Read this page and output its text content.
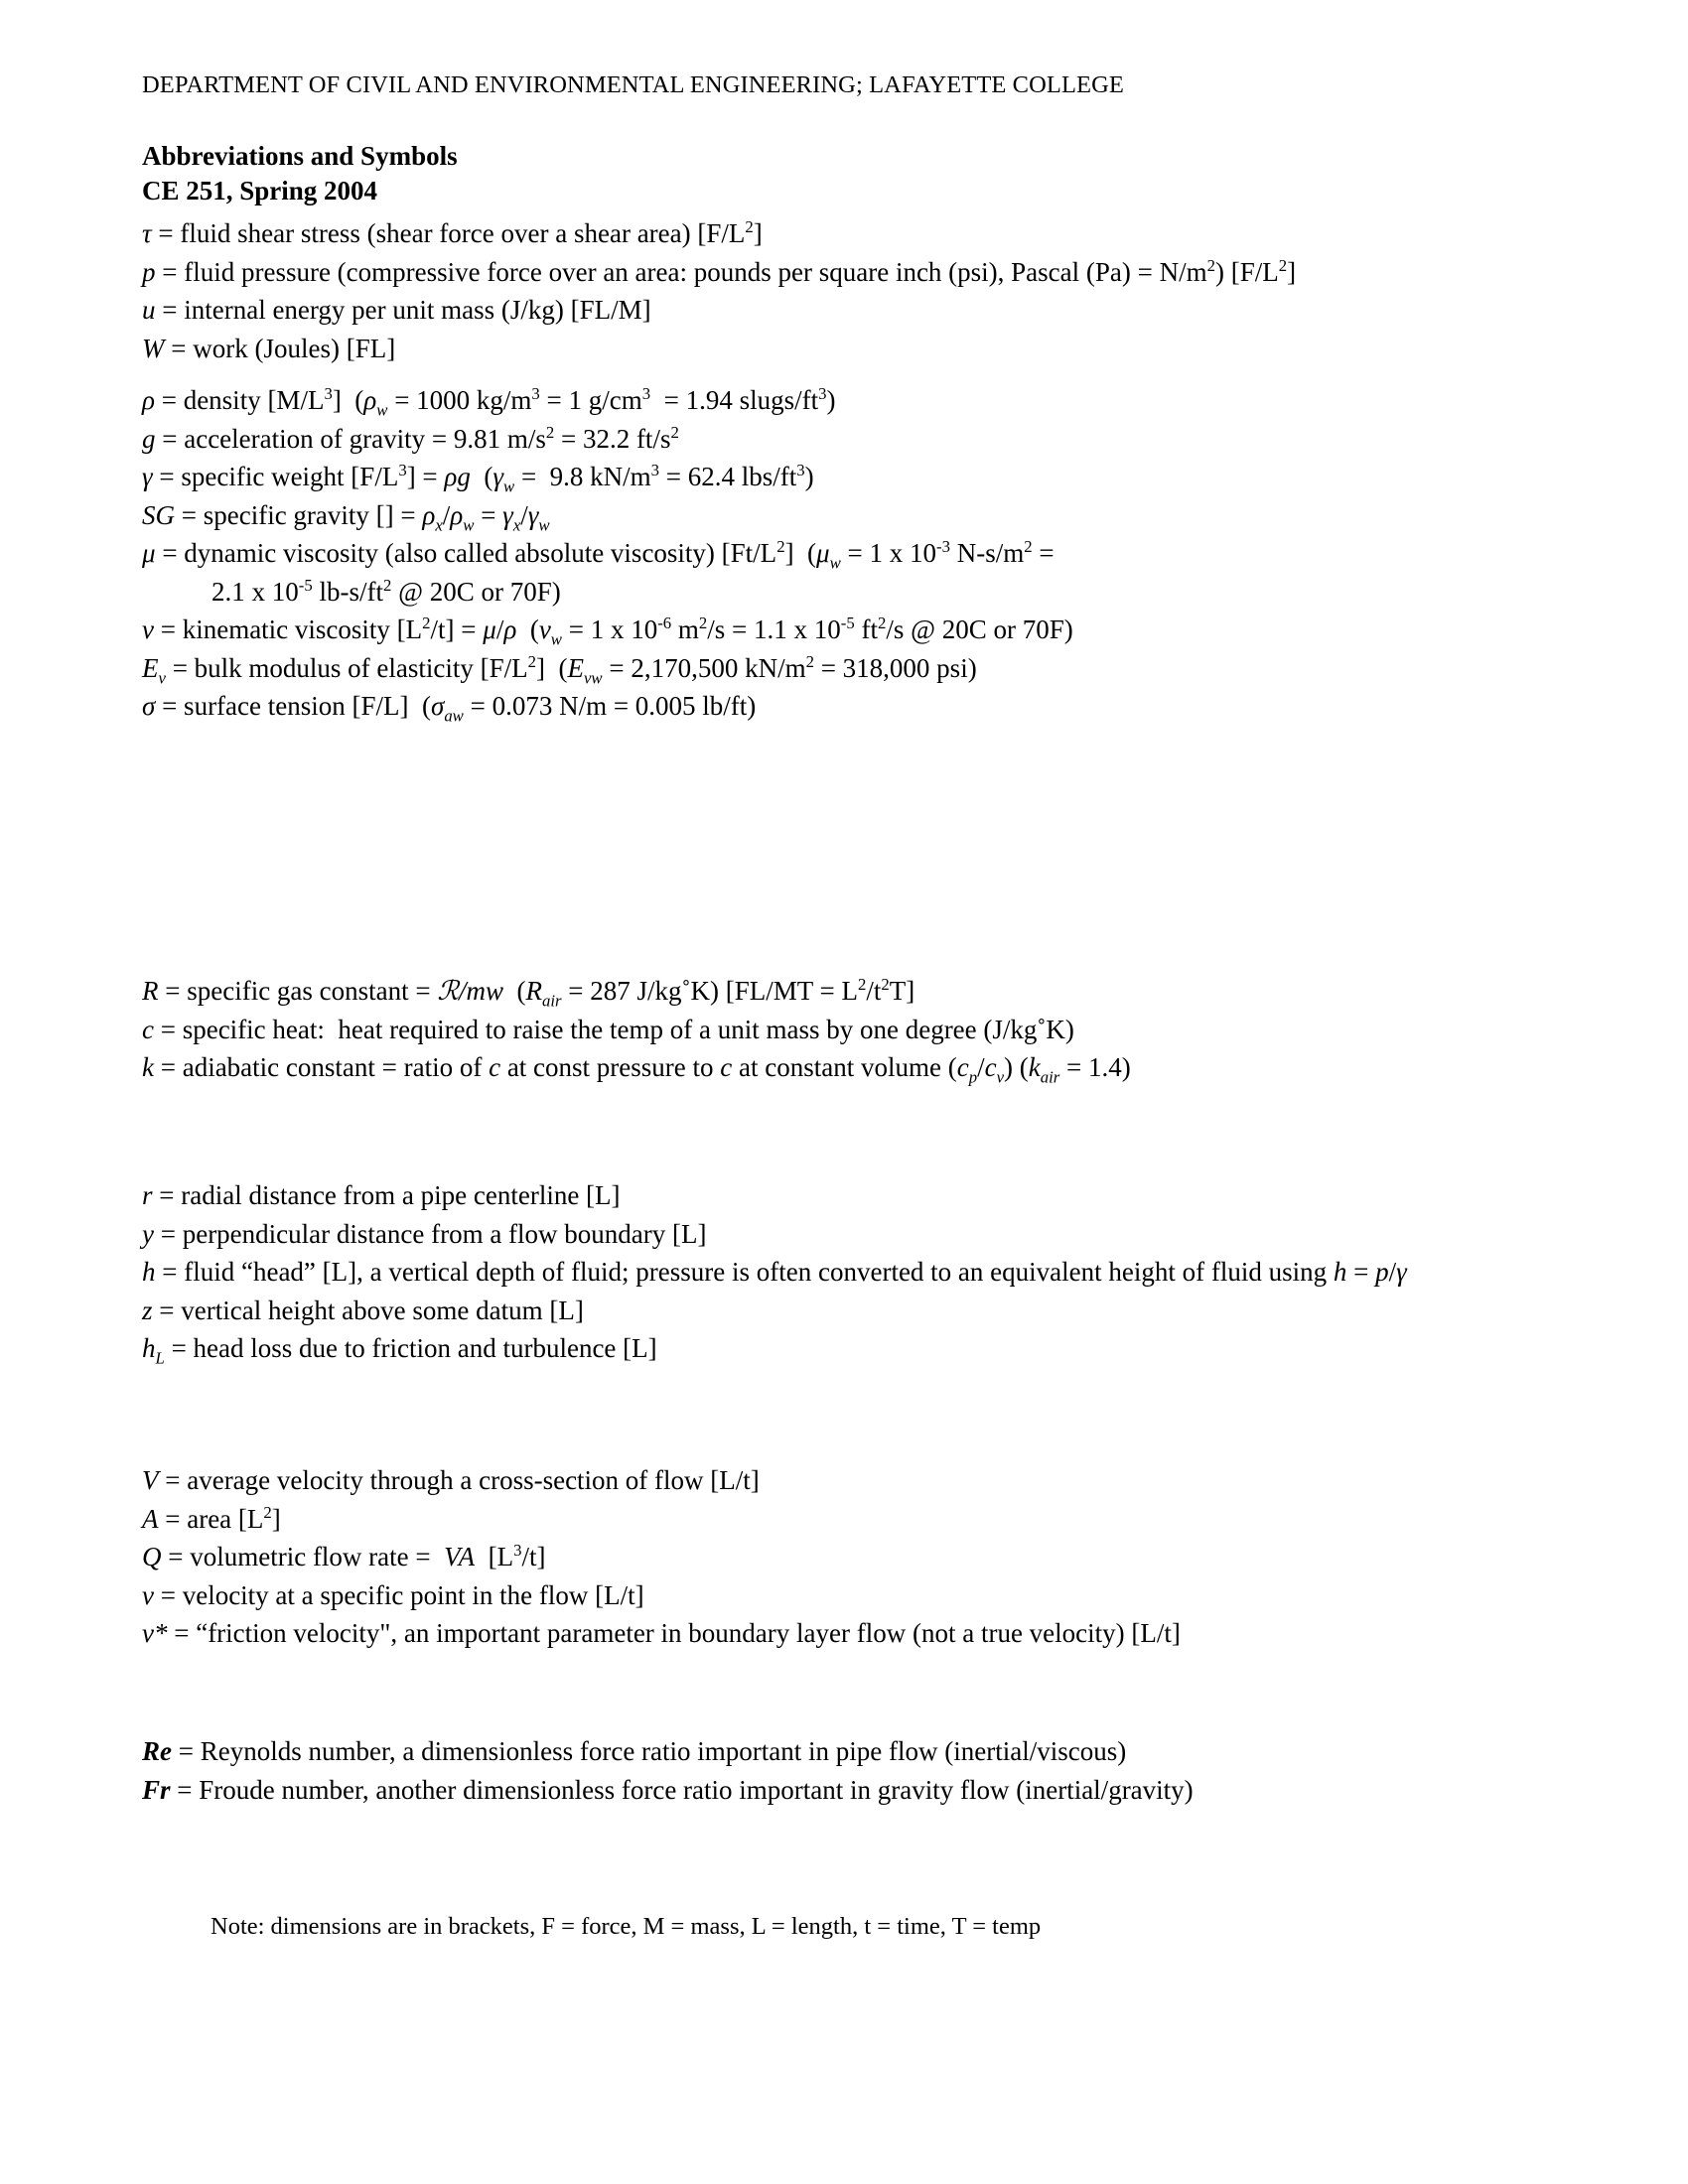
DEPARTMENT OF CIVIL AND ENVIRONMENTAL ENGINEERING; LAFAYETTE COLLEGE
Abbreviations and Symbols
CE 251, Spring 2004
τ = fluid shear stress (shear force over a shear area) $[F/L^2]$
p = fluid pressure (compressive force over an area: pounds per square inch (psi), Pascal $(Pa) = N/m^2$) $[F/L^2]$
u = internal energy per unit mass (J/kg) [FL/M]
W = work (Joules) [FL]
ρ = density $[M/L^3] (\rho_w = 1000$ $kg/m^3 = 1$ $g/cm^3 = 1.94$ slugs/$ft^3$)
g = acceleration of gravity = 9.81 $m/s^2 = 32.2$ $ft/s^2$
γ = specific weight $[F/L^3] = \rho g$  ($\gamma_w = 9.8$ $kN/m^3 = 62.4$ lbs/$ft^3$)
SG = specific gravity [] = $\rho_x/\rho_w = \gamma_x/\gamma_w$
μ = dynamic viscosity (also called absolute viscosity) $[Ft/L^2] (\mu_w = 1$ x $10^{-3}$ $N-s/m^2$ =
2.1 x $10^{-5}$ $lb-s/ft^2$ @ 20C or 70F)
ν = kinematic viscosity $[L^2/t] = \mu/\rho$  ($\nu_w = 1$ x $10^{-6}$ $m^2/s = 1.1$ x $10^{-5}$ $ft^2/s$ @ 20C or 70F)
$E_v$ = bulk modulus of elasticity $[F/L^2] (E_{vw} = 2,170,500$ $kN/m^2 = 318,000$ psi)
σ = surface tension [F/L]  ($\sigma_{aw} = 0.073$ N/m = 0.005 lb/ft)
R = specific gas constant = ℛ/mw  ($R_{air} = 287$ J/kg˚K) $[FL/MT = L^2/t^2T]$
c = specific heat:  heat required to raise the temp of a unit mass by one degree (J/kg˚K)
k = adiabatic constant = ratio of c at const pressure to c at constant volume $(c_p/c_v) (k_{air} = 1.4)$
r = radial distance from a pipe centerline [L]
y = perpendicular distance from a flow boundary [L]
h = fluid “head” [L], a vertical depth of fluid; pressure is often converted to an equivalent height of fluid using h = p/γ
z = vertical height above some datum [L]
$h_L$ = head loss due to friction and turbulence [L]
V = average velocity through a cross-section of flow [L/t]
A = area $[L^2]$
Q = volumetric flow rate =  VA  $[L^3/t]$
v = velocity at a specific point in the flow [L/t]
v* = “friction velocity", an important parameter in boundary layer flow (not a true velocity) [L/t]
Re = Reynolds number, a dimensionless force ratio important in pipe flow (inertial/viscous)
Fr = Froude number, another dimensionless force ratio important in gravity flow (inertial/gravity)
Note: dimensions are in brackets, F = force, M = mass, L = length, t = time, T = temp
